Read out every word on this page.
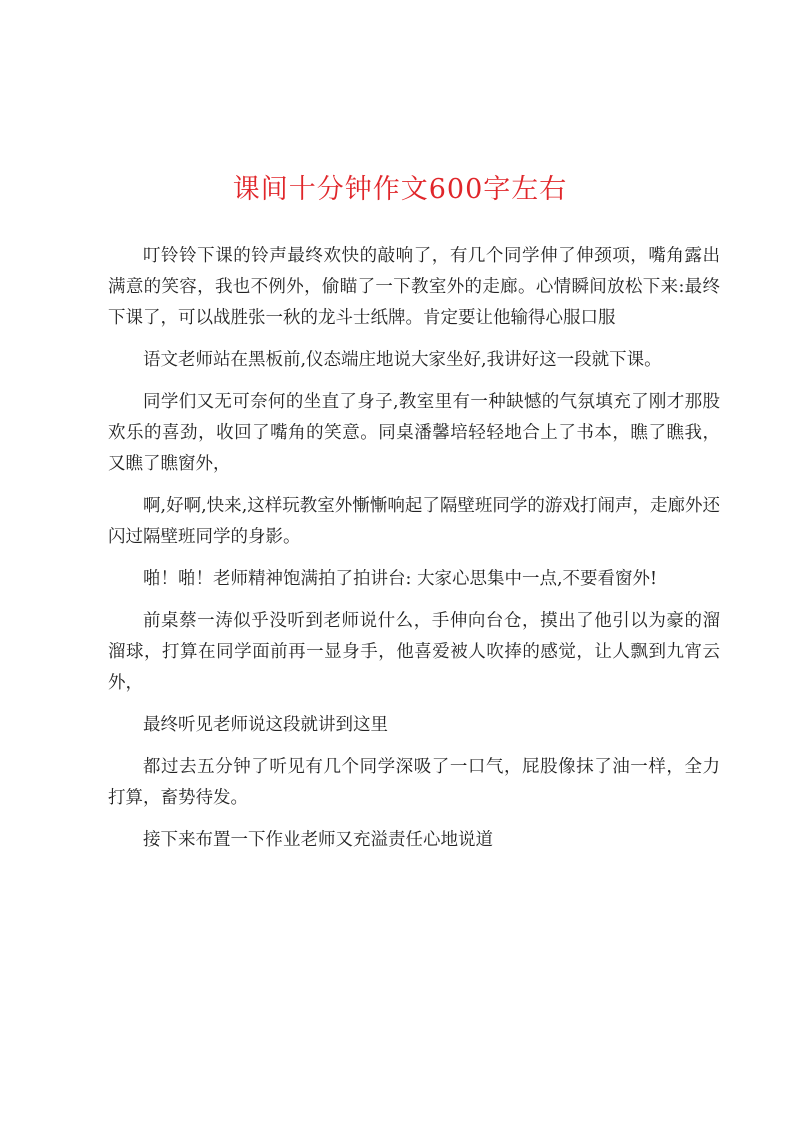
课间十分钟作文600字左右

叮铃铃下课的铃声最终欢快的敲响了，有几个同学伸了伸颈项，嘴角露出满意的笑容，我也不例外，偷瞄了一下教室外的走廊。心情瞬间放松下来:最终下课了，可以战胜张一秋的龙斗士纸牌。肯定要让他输得心服口服

语文老师站在黑板前,仪态端庄地说大家坐好,我讲好这一段就下课。

同学们又无可奈何的坐直了身子,教室里有一种缺憾的气氛填充了刚才那股欢乐的喜劲，收回了嘴角的笑意。同桌潘馨培轻轻地合上了书本，瞧了瞧我，又瞧了瞧窗外，

啊,好啊,快来,这样玩教室外慚慚响起了隔壁班同学的游戏打闹声，走廊外还闪过隔壁班同学的身影。

啪！啪！老师精神饱满拍了拍讲台: 大家心思集中一点,不要看窗外!

前桌蔡一涛似乎没听到老师说什么，手伸向台仓，摸出了他引以为豪的溜溜球，打算在同学面前再一显身手，他喜爱被人吹捧的感觉，让人飘到九宵云外，

最终听见老师说这段就讲到这里

都过去五分钟了听见有几个同学深吸了一口气，屁股像抹了油一样，全力打算，畜势待发。

接下来布置一下作业老师又充溢责任心地说道
